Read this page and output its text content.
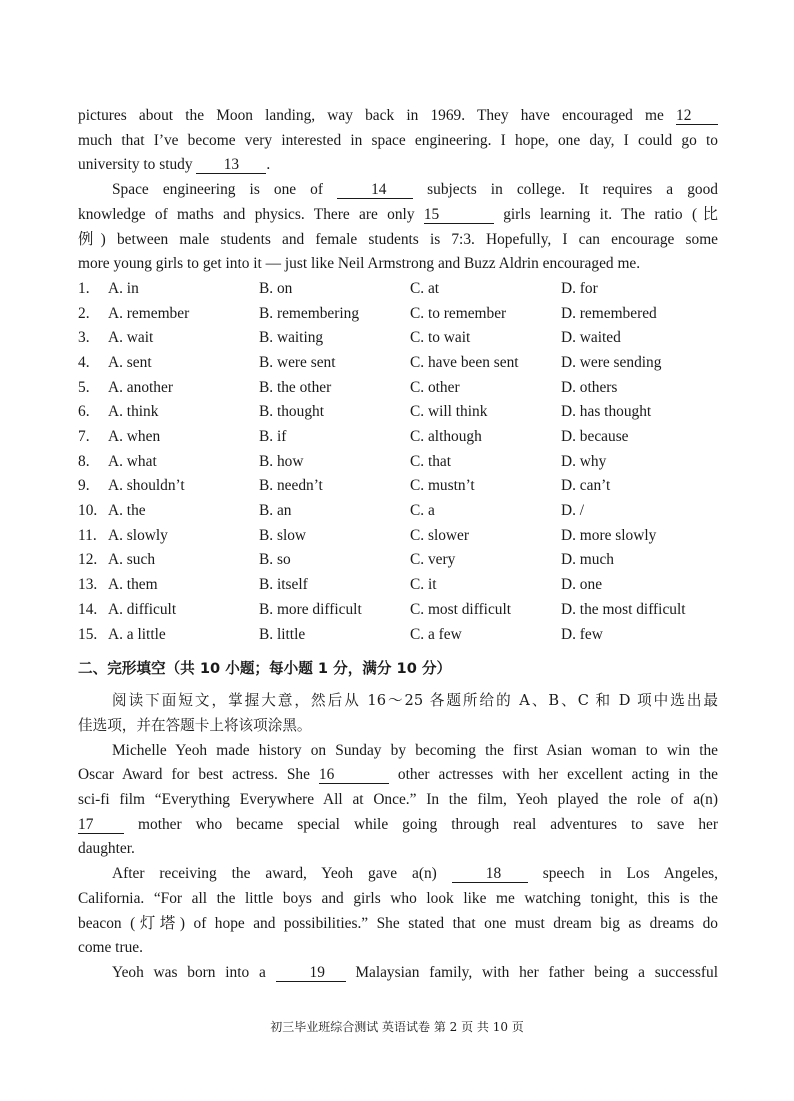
pictures about the Moon landing, way back in 1969. They have encouraged me 12

much that I’ve become very interested in space engineering. I hope, one day, I could go to

university to study 13 .

Space engineering is one of 14 subjects in college. It requires a good

knowledge of maths and physics. There are only 15	girls learning it. The ratio (比

例) between male students and female students is 7:3. Hopefully, I can encourage some

more young girls to get into it — just like Neil Armstrong and Buzz Aldrin encouraged me.

1.	A. in	B. on	C. at	D. for
2.	A. remember	B. remembering	C. to remember	D. remembered
3.	A. wait	B. waiting	C. to wait	D. waited
4.	A. sent	B. were sent	C. have been sent	D. were sending
5.	A. another	B. the other	C. other	D. others
6.	A. think	B. thought	C. will think	D. has thought
7.	A. when	B. if	C. although	D. because
8.	A. what	B. how	C. that	D. why
9.	A. shouldn’t	B. needn’t	C. mustn’t	D. can’t
10. A. the	B. an	C. a	D. /
11. A. slowly	B. slow	C. slower	D. more slowly
12. A. such	B. so	C. very	D. much
13. A. them	B. itself	C. it	D. one
14. A. difficult	B. more difficult	C. most difficult	D. the most difficult
15. A. a little	B. little	C. a few	D. few
二、完形填空（共 10 小题；每小题 1 分，满分 10 分）

阅读下面短文，掌握大意，然后从 16～25 各题所给的 A、B、C 和 D 项中选出最

佳选项，并在答题卡上将该项涂黑。

Michelle Yeoh made history on Sunday by becoming the first Asian woman to win the

Oscar Award for best actress. She 16	other actresses with her excellent acting in the

sci-fi film “Everything Everywhere All at Once.” In the film, Yeoh played the role of a(n)

17 mother who became special while going through real adventures to save her

daughter.

After receiving the award, Yeoh gave a(n) 18 speech in Los Angeles,

California. “For all the little boys and girls who look like me watching tonight, this is the

beacon (灯塔) of hope and possibilities.” She stated that one must dream big as dreams do

come true.

Yeoh was born into a 19 Malaysian family, with her father being a successful

初三毕业班综合测试 英语试卷 第 2 页 共 10 页
